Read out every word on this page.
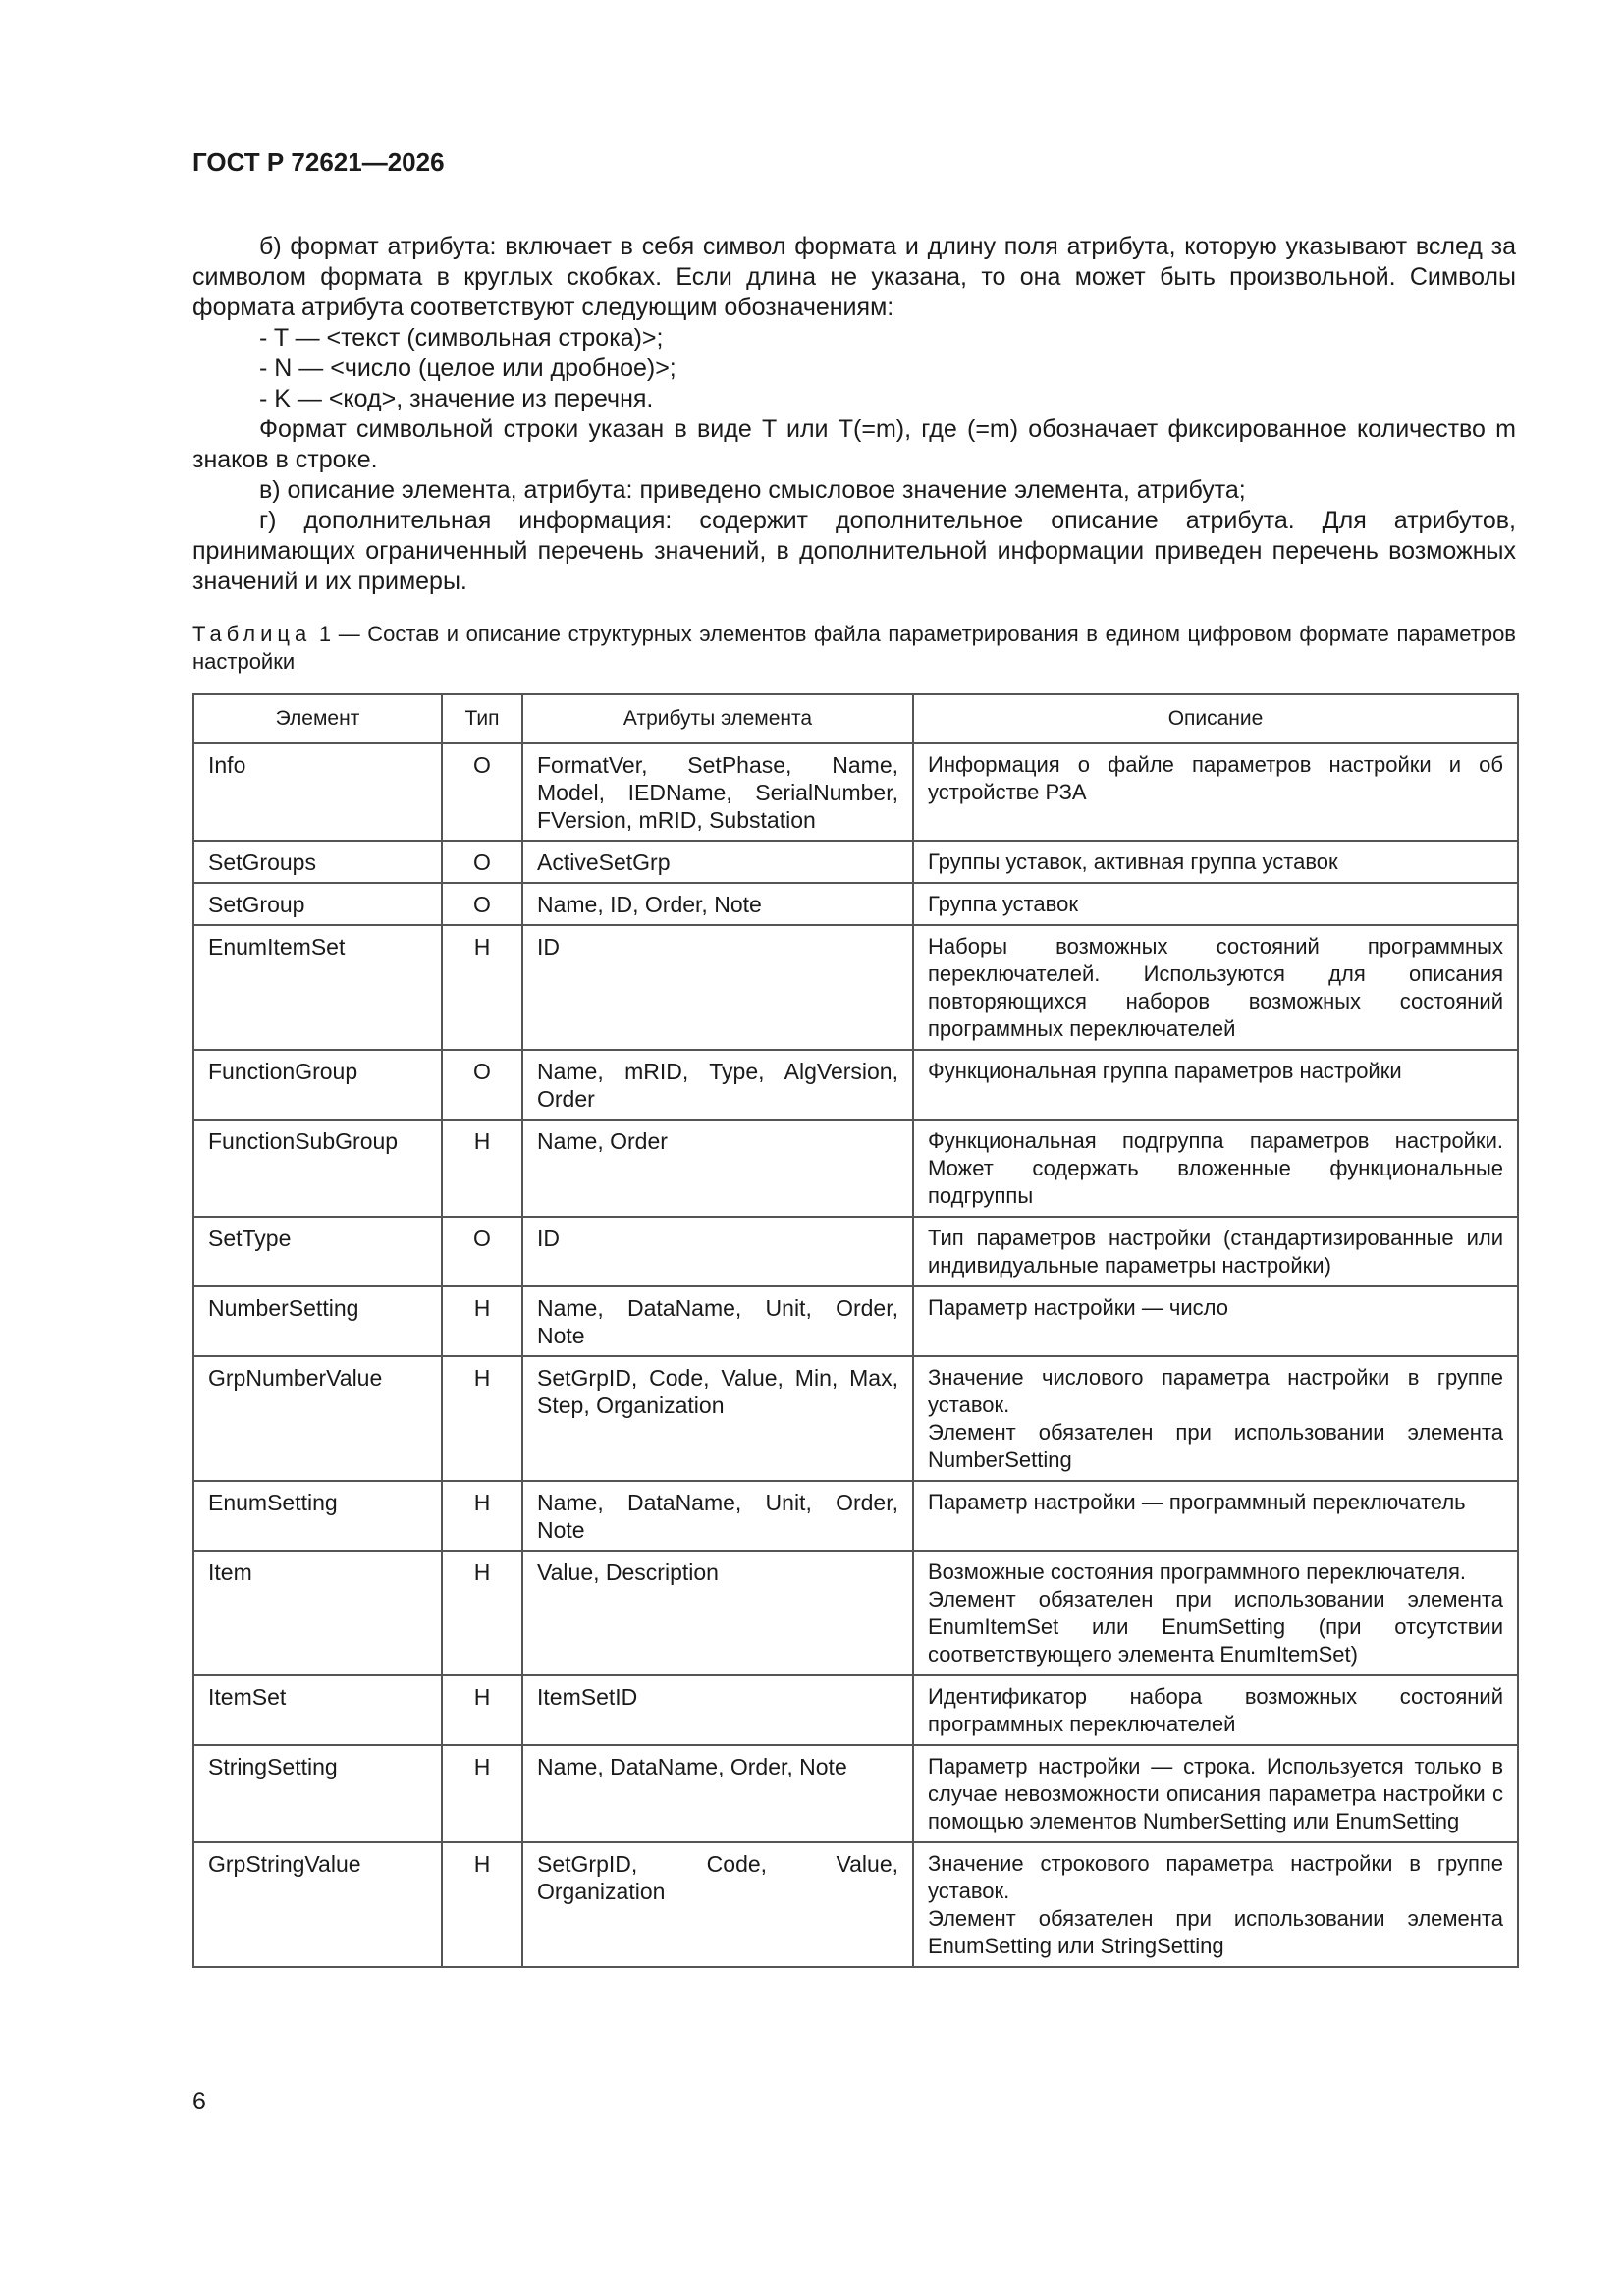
ГОСТ Р 72621—2026

б) формат атрибута: включает в себя символ формата и длину поля атрибута, которую указывают вслед за символом формата в круглых скобках. Если длина не указана, то она может быть произвольной. Символы формата атрибута соответствуют следующим обозначениям:

- T — <текст (символьная строка)>;

- N — <число (целое или дробное)>;

- K — <код>, значение из перечня.

Формат символьной строки указан в виде T или T(=m), где (=m) обозначает фиксированное количество m знаков в строке.

в) описание элемента, атрибута: приведено смысловое значение элемента, атрибута;

г) дополнительная информация: содержит дополнительное описание атрибута. Для атрибутов, принимающих ограниченный перечень значений, в дополнительной информации приведен перечень возможных значений и их примеры.

Таблица 1 — Состав и описание структурных элементов файла параметрирования в едином цифровом формате параметров настройки
Элемент	Тип	Атрибуты элемента	Описание
Info	O	FormatVer, SetPhase, Name, Model, IEDName, SerialNumber, FVersion, mRID, Substation	Информация о файле параметров настройки и об устройстве РЗА
SetGroups	O	ActiveSetGrp	Группы уставок, активная группа уставок
SetGroup	O	Name, ID, Order, Note	Группа уставок
EnumItemSet	H	ID	Наборы возможных состояний программных переключателей. Используются для описания повторяющихся наборов возможных состояний программных переключателей
FunctionGroup	O	Name, mRID, Type, AlgVersion, Order	Функциональная группа параметров настройки
FunctionSubGroup	H	Name, Order	Функциональная подгруппа параметров настройки. Может содержать вложенные функциональные подгруппы
SetType	O	ID	Тип параметров настройки (стандартизированные или индивидуальные параметры настройки)
NumberSetting	H	Name, DataName, Unit, Order, Note	Параметр настройки — число
GrpNumberValue	H	SetGrpID, Code, Value, Min, Max, Step, Organization	Значение числового параметра настройки в группе уставок.
Элемент обязателен при использовании элемента NumberSetting
EnumSetting	H	Name, DataName, Unit, Order, Note	Параметр настройки — программный переключатель
Item	H	Value, Description	Возможные состояния программного переключателя.
Элемент обязателен при использовании элемента EnumItemSet или EnumSetting (при отсутствии соответствующего элемента EnumItemSet)
ItemSet	H	ItemSetID	Идентификатор набора возможных состояний программных переключателей
StringSetting	H	Name, DataName, Order, Note	Параметр настройки — строка. Используется только в случае невозможности описания параметра настройки с помощью элементов NumberSetting или EnumSetting
GrpStringValue	H	SetGrpID, Code, Value, Organization	Значение строкового параметра настройки в группе уставок.
Элемент обязателен при использовании элемента EnumSetting или StringSetting
6
